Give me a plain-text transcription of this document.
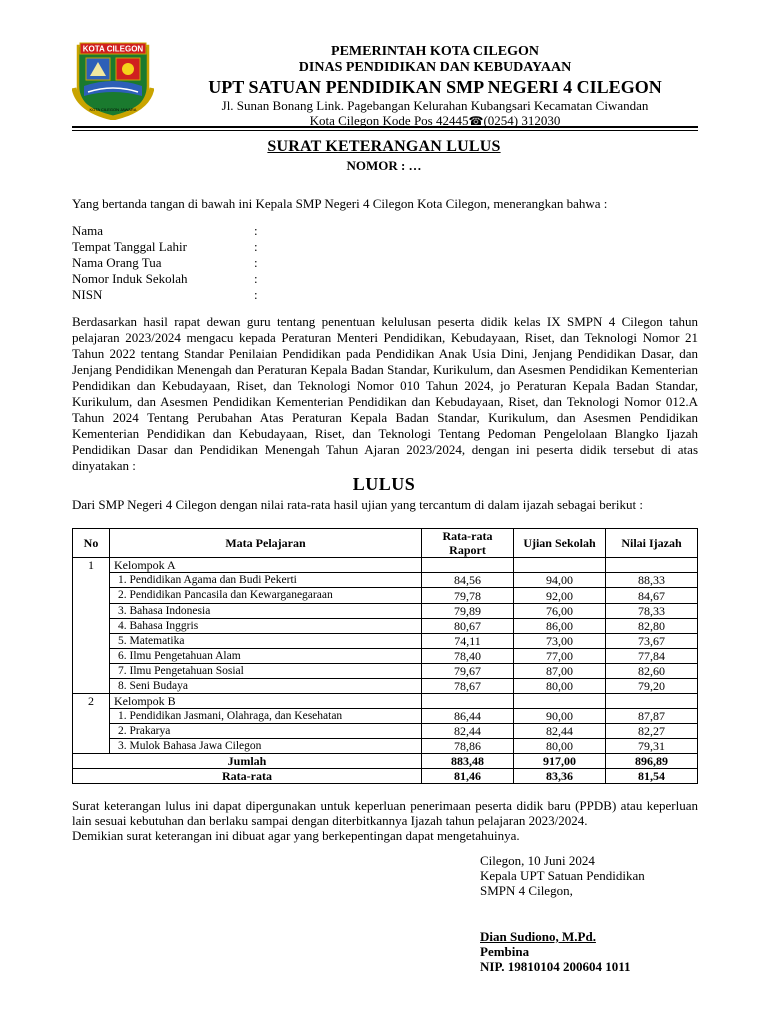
KOTA CILEGON
KOTA CILEGON JAWARA
PEMERINTAH KOTA CILEGON
DINAS PENDIDIKAN DAN KEBUDAYAAN
UPT SATUAN PENDIDIKAN SMP NEGERI 4 CILEGON
Jl. Sunan Bonang Link. Pagebangan Kelurahan Kubangsari Kecamatan Ciwandan
Kota Cilegon Kode Pos 42445☎(0254) 312030
SURAT KETERANGAN LULUS
NOMOR : …
Yang bertanda tangan di bawah ini Kepala SMP Negeri 4 Cilegon Kota Cilegon, menerangkan bahwa :
Nama	:
Tempat Tanggal Lahir	:
Nama Orang Tua	:
Nomor Induk Sekolah	:
NISN	:
Berdasarkan hasil rapat dewan guru tentang penentuan kelulusan peserta didik kelas IX SMPN 4 Cilegon tahun pelajaran 2023/2024 mengacu kepada Peraturan Menteri Pendidikan, Kebudayaan, Riset, dan Teknologi Nomor 21 Tahun 2022 tentang Standar Penilaian Pendidikan pada Pendidikan Anak Usia Dini, Jenjang Pendidikan Dasar, dan Jenjang Pendidikan Menengah dan Peraturan Kepala Badan Standar, Kurikulum, dan Asesmen Pendidikan Kementerian Pendidikan dan Kebudayaan, Riset, dan Teknologi Nomor 010 Tahun 2024, jo Peraturan Kepala Badan Standar, Kurikulum, dan Asesmen Pendidikan Kementerian Pendidikan dan Kebudayaan, Riset, dan Teknologi Nomor 012.A Tahun 2024 Tentang Perubahan Atas Peraturan Kepala Badan Standar, Kurikulum, dan Asesmen Pendidikan Kementerian Pendidikan dan Kebudayaan, Riset, dan Teknologi Tentang Pedoman Pengelolaan Blangko Ijazah Pendidikan Dasar dan Pendidikan Menengah Tahun Ajaran 2023/2024, dengan ini peserta didik tersebut di atas dinyatakan :
LULUS
Dari SMP Negeri 4 Cilegon dengan nilai rata-rata hasil ujian yang tercantum di dalam ijazah sebagai berikut :
No	Mata Pelajaran	Rata-rata Raport	Ujian Sekolah	Nilai Ijazah
1	Kelompok A			
	1. Pendidikan Agama dan Budi Pekerti	84,56	94,00	88,33
	2. Pendidikan Pancasila dan Kewarganegaraan	79,78	92,00	84,67
	3. Bahasa Indonesia	79,89	76,00	78,33
	4. Bahasa Inggris	80,67	86,00	82,80
	5. Matematika	74,11	73,00	73,67
	6. Ilmu Pengetahuan Alam	78,40	77,00	77,84
	7. Ilmu Pengetahuan Sosial	79,67	87,00	82,60
	8. Seni Budaya	78,67	80,00	79,20
2	Kelompok B			
	1. Pendidikan Jasmani, Olahraga, dan Kesehatan	86,44	90,00	87,87
	2. Prakarya	82,44	82,44	82,27
	3. Mulok Bahasa Jawa Cilegon	78,86	80,00	79,31
Jumlah		883,48	917,00	896,89
Rata-rata		81,46	83,36	81,54
Surat keterangan lulus ini dapat dipergunakan untuk keperluan penerimaan peserta didik baru (PPDB) atau keperluan lain sesuai kebutuhan dan berlaku sampai dengan diterbitkannya Ijazah tahun pelajaran 2023/2024.
Demikian surat keterangan ini dibuat agar yang berkepentingan dapat mengetahuinya.
Cilegon, 10 Juni 2024
Kepala UPT Satuan Pendidikan
SMPN 4 Cilegon,
Dian Sudiono, M.Pd.
Pembina
NIP. 19810104 200604 1011
